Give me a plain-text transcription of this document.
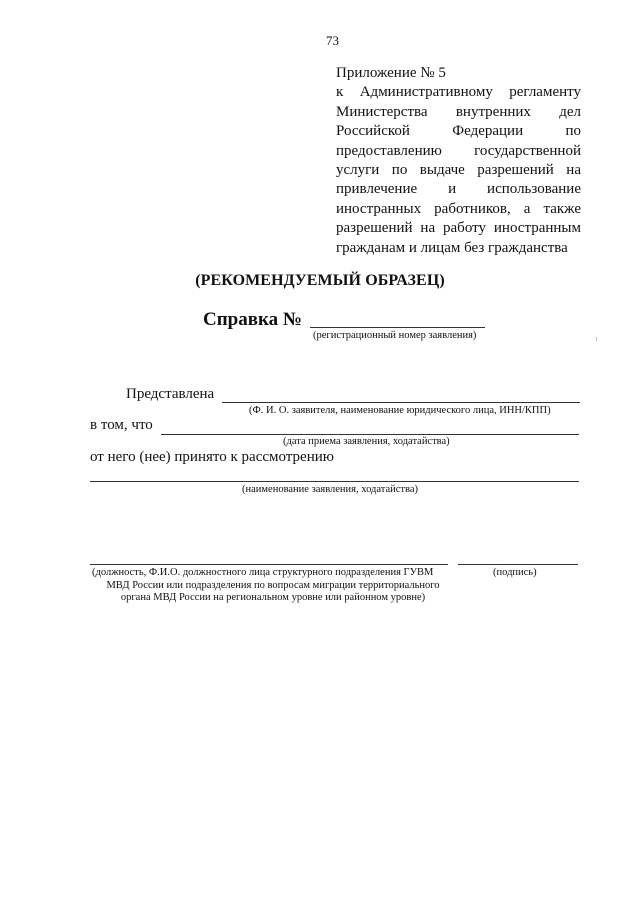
73
Приложение № 5
к Административному регламенту
Министерства внутренних дел
Российской Федерации по
предоставлению государственной
услуги по выдаче разрешений на
привлечение и использование
иностранных работников, а также
разрешений на работу иностранным
гражданам и лицам без гражданства
(РЕКОМЕНДУЕМЫЙ ОБРАЗЕЦ)
Справка №
(регистрационный номер заявления)
Представлена
(Ф. И. О. заявителя, наименование юридического лица, ИНН/КПП)
в том, что
(дата приема заявления, ходатайства)
от него (нее) принято к рассмотрению
(наименование заявления, ходатайства)
(должность, Ф.И.О. должностного лица структурного подразделения ГУВМ
МВД России или подразделения по вопросам миграции территориального
органа МВД России на региональном уровне или районном уровне)
(подпись)
